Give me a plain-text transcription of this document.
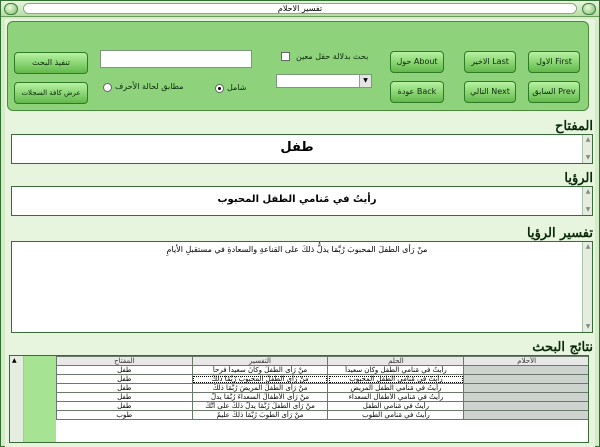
تفسير الاحلام
الاول First
الاخير Last
حول About
السابق Prev
التالي Next
عودة Back
بحث بدلالة حقل معين
▼
تنفيذ البحث
عرض كافة السجلات
مطابق لحالة الأحرف	شامل
المفتاح
طفل
▲
▼
الرؤيا
رأيتُ في مَنامي الطفل المحبوب
▲
▼
تفسير الرؤيا
منْ رَأى الطفلَ المحبوبَ رُبَّمَا يدلُّ ذلكَ على القناعةِ والسعادةِ في مستقبلِ الأيامِ	▲
▼
نتائج البحث
▲	المفتاح	التفسير	الحلم	الأحلام
طفل	منْ رَأى الطفلَ وكانَ سعيداً فرحاً	رأيتُ في مَنامي الطفل وكان سعيداً	
طفل	منْ رَأى الطفلَ المحبوبَ رُبَّمَا ذلكَ	رأيتُ في مَنامي الطفل المحبوب	
طفل	منْ رَأى الطفلَ المريضَ رُبَّمَا ذلكَ	رأيتُ في مَنامي الطفل المريض	
طفل	منْ رَأى الأطفالَ السعداءَ رُبَّمَا يدلُّ	رأيتُ في مَنامي الأطفال السعداء	
طفل	منْ رَأى الطفلَ رُبَّمَا يدلُّ ذلكَ على أنَّكَ	رأيتُ في مَنامي الطفل	
طوب	منْ رَأى الطوبَ رُبَّمَا ذلكَ عليمٌ	رأيتُ في مَنامي الطوب	
